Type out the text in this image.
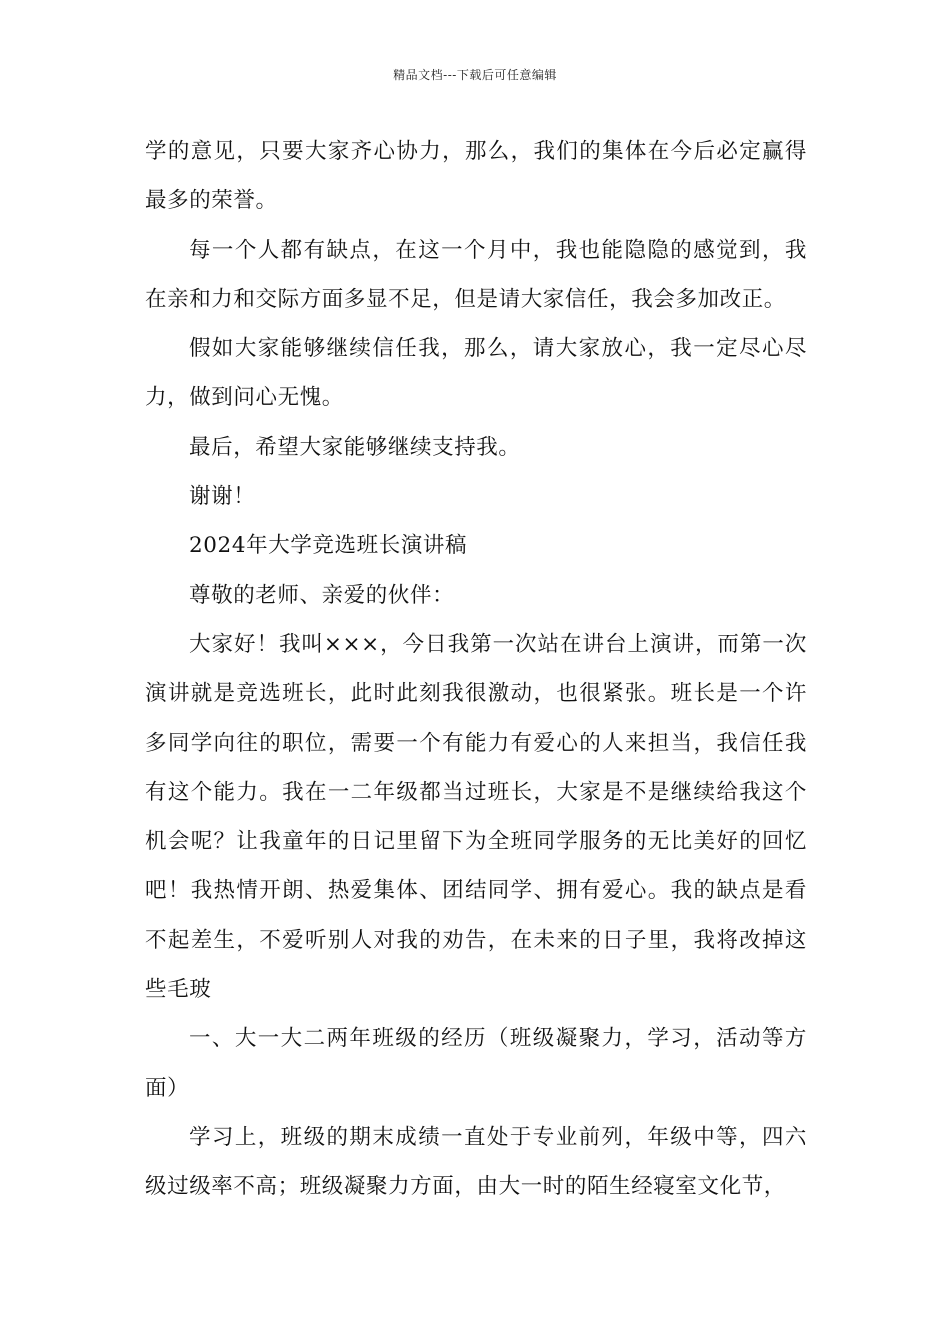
精品文档---下载后可任意编辑

学的意见，只要大家齐心协力，那么，我们的集体在今后必定赢得最多的荣誉。

每一个人都有缺点，在这一个月中，我也能隐隐的感觉到，我在亲和力和交际方面多显不足，但是请大家信任，我会多加改正。

假如大家能够继续信任我，那么，请大家放心，我一定尽心尽力，做到问心无愧。

最后，希望大家能够继续支持我。

谢谢！

2024年大学竞选班长演讲稿

尊敬的老师、亲爱的伙伴：

大家好！我叫×××，今日我第一次站在讲台上演讲，而第一次演讲就是竞选班长，此时此刻我很激动，也很紧张。班长是一个许多同学向往的职位，需要一个有能力有爱心的人来担当，我信任我有这个能力。我在一二年级都当过班长，大家是不是继续给我这个机会呢？让我童年的日记里留下为全班同学服务的无比美好的回忆吧！我热情开朗、热爱集体、团结同学、拥有爱心。我的缺点是看不起差生，不爱听别人对我的劝告，在未来的日子里，我将改掉这些毛玻

一、大一大二两年班级的经历（班级凝聚力，学习，活动等方面）

学习上，班级的期末成绩一直处于专业前列，年级中等，四六级过级率不高；班级凝聚力方面，由大一时的陌生经寝室文化节，
